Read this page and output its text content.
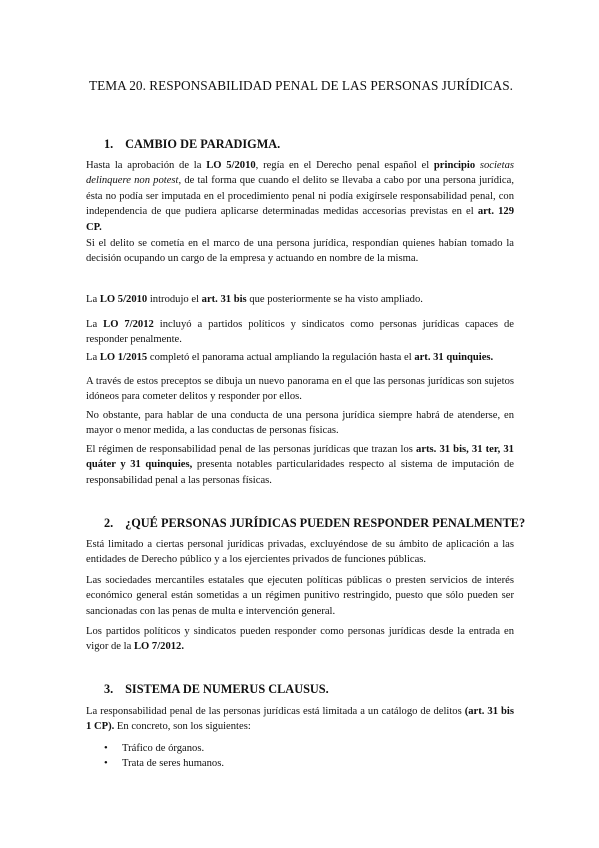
TEMA 20. RESPONSABILIDAD PENAL DE LAS PERSONAS JURÍDICAS.
1. CAMBIO DE PARADIGMA.
Hasta la aprobación de la LO 5/2010, regía en el Derecho penal español el principio societas delinquere non potest, de tal forma que cuando el delito se llevaba a cabo por una persona jurídica, ésta no podía ser imputada en el procedimiento penal ni podía exigírsele responsabilidad penal, con independencia de que pudiera aplicarse determinadas medidas accesorias previstas en el art. 129 CP.
Si el delito se cometía en el marco de una persona jurídica, respondían quienes habían tomado la decisión ocupando un cargo de la empresa y actuando en nombre de la misma.
La LO 5/2010 introdujo el art. 31 bis que posteriormente se ha visto ampliado.
La LO 7/2012 incluyó a partidos políticos y sindicatos como personas jurídicas capaces de responder penalmente.
La LO 1/2015 completó el panorama actual ampliando la regulación hasta el art. 31 quinquies.
A través de estos preceptos se dibuja un nuevo panorama en el que las personas jurídicas son sujetos idóneos para cometer delitos y responder por ellos.
No obstante, para hablar de una conducta de una persona jurídica siempre habrá de atenderse, en mayor o menor medida, a las conductas de personas físicas.
El régimen de responsabilidad penal de las personas jurídicas que trazan los arts. 31 bis, 31 ter, 31 quáter y 31 quinquies, presenta notables particularidades respecto al sistema de imputación de responsabilidad penal a las personas físicas.
2. ¿QUÉ PERSONAS JURÍDICAS PUEDEN RESPONDER PENALMENTE?
Está limitado a ciertas personal jurídicas privadas, excluyéndose de su ámbito de aplicación a las entidades de Derecho público y a los ejercientes privados de funciones públicas.
Las sociedades mercantiles estatales que ejecuten políticas públicas o presten servicios de interés económico general están sometidas a un régimen punitivo restringido, puesto que sólo pueden ser sancionadas con las penas de multa e intervención general.
Los partidos políticos y sindicatos pueden responder como personas jurídicas desde la entrada en vigor de la LO 7/2012.
3. SISTEMA DE NUMERUS CLAUSUS.
La responsabilidad penal de las personas jurídicas está limitada a un catálogo de delitos (art. 31 bis 1 CP). En concreto, son los siguientes:
• Tráfico de órganos.
• Trata de seres humanos.
